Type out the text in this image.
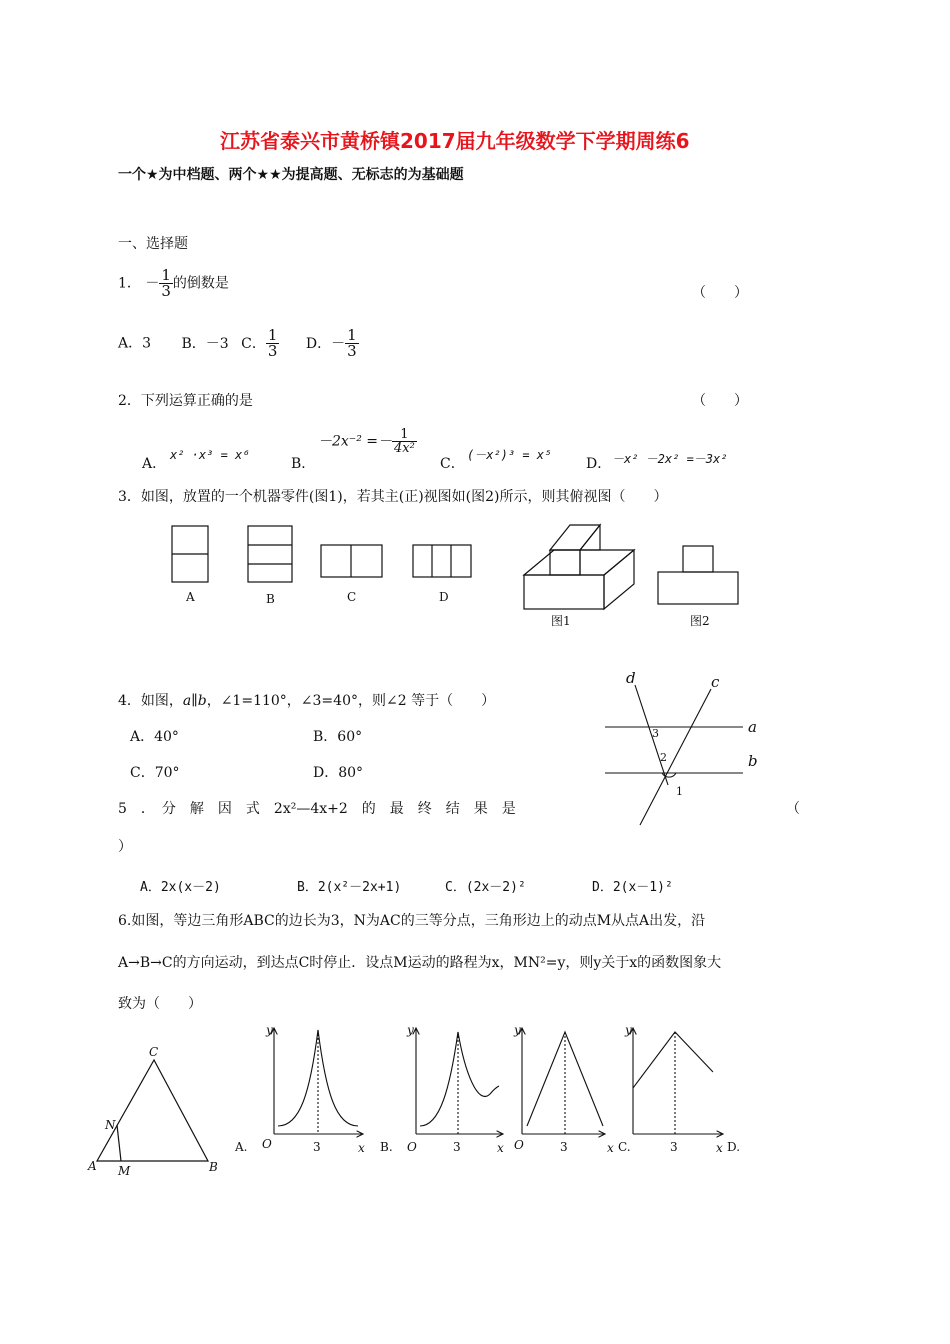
江苏省泰兴市黄桥镇2017届九年级数学下学期周练6
一个★为中档题、两个★★为提高题、无标志的为基础题
一、选择题
1． － $\frac{1}{3}$ 的倒数是
（　　）
A．3 B．－3 C． $\frac{1}{3}$ D．－ $\frac{1}{3}$
2．下列运算正确的是	（　　）
A．
x² ·x³ = x⁶
B．
$-2x^{-2} =- \frac{1}{\text{4x²}}$
C．
(－x²)³ = x⁵
D． －x² －2x² =－3x²
3．如图，放置的一个机器零件(图1)，若其主(正)视图如(图2)所示，则其俯视图（　　）
A	B	C	D
图1	图2
4．如图，a∥b，∠1=110°，∠3=40°，则∠2 等于（　　）
A．40°	B．60°
C．70°	D．80°
d	c
a
b
3
2
1
5　．　分　解　因　式　2x²—4x+2　的　最　终　结　果　是	（
）
A．2x(x－2)	B．2(x²－2x+1)	C．(2x－2)²	D．2(x－1)²
6.如图，等边三角形ABC的边长为3，N为AC的三等分点，三角形边上的动点M从点A出发，沿
A→B→C的方向运动，到达点C时停止．设点M运动的路程为x，MN²=y，则y关于x的函数图象大
致为（　　）
C
N
A M	B
A.	B.	C.	D.
3	3	3	3
y
O	x
y
O	x
y
O	x
y
x
